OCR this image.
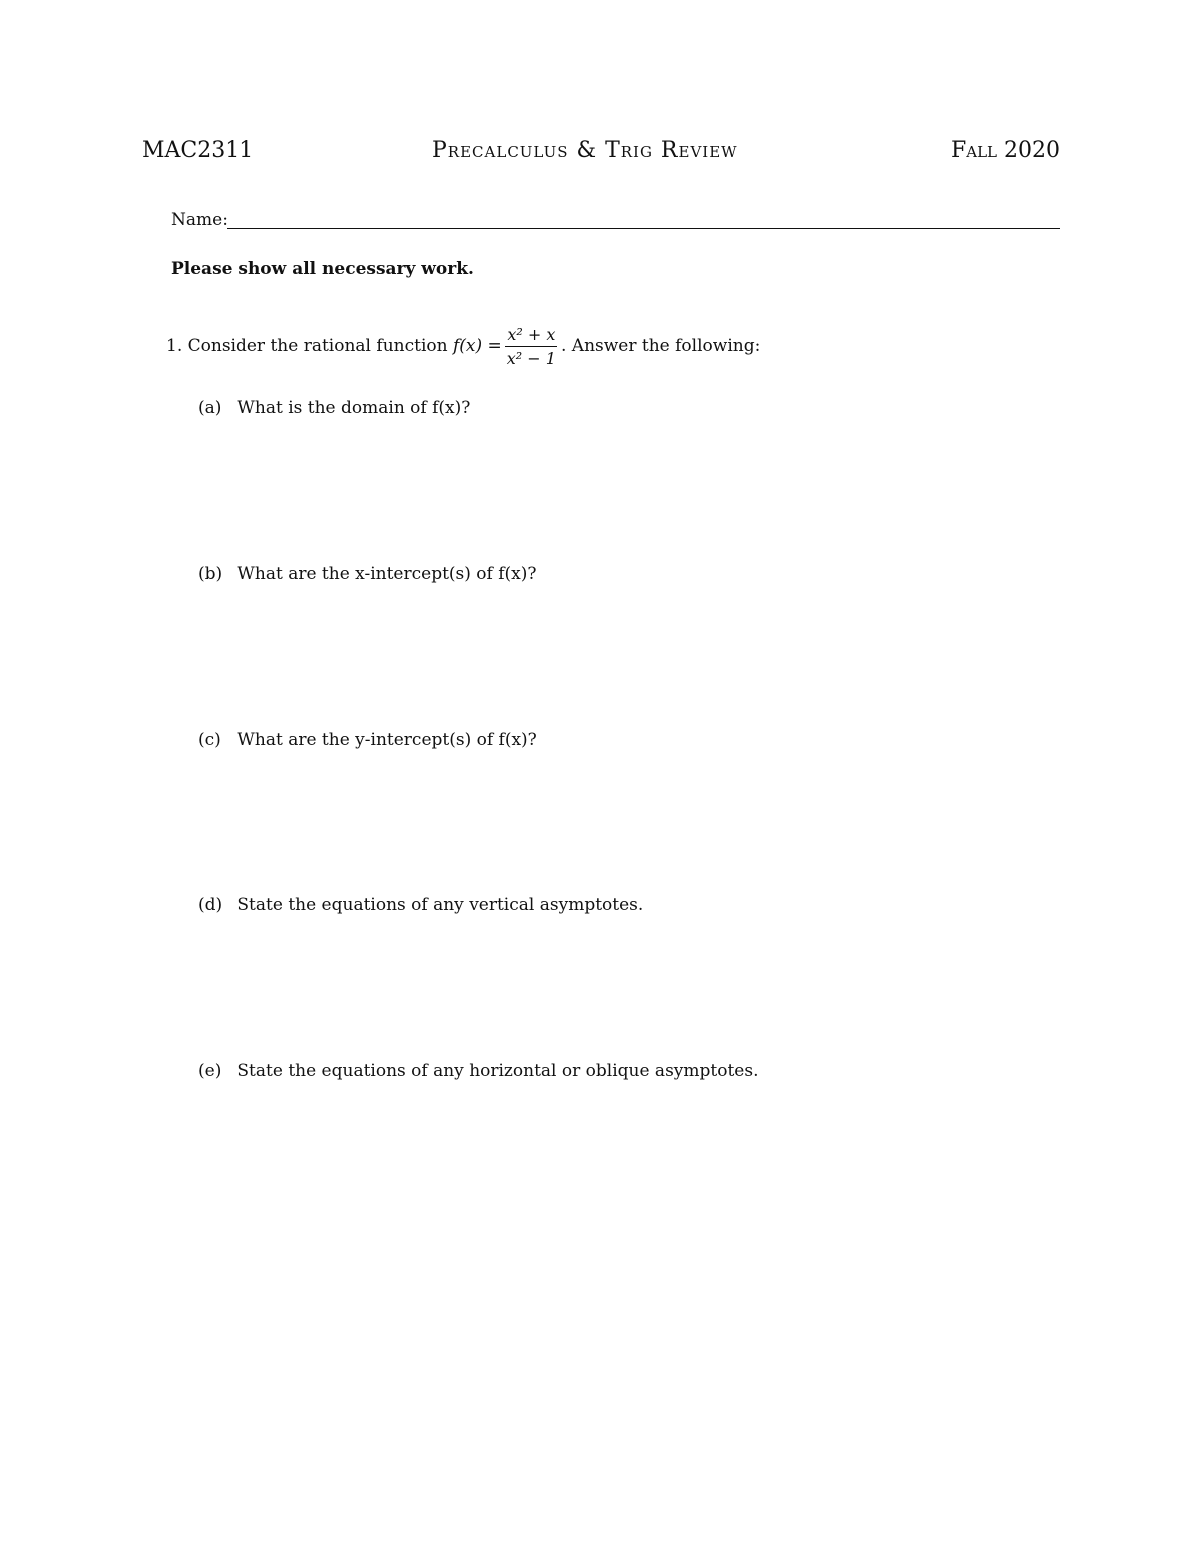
MAC2311	Precalculus & Trig Review	Fall 2020
Name:
Please show all necessary work.
1.
Consider the rational function
$f(x) = \frac{\text{x² + x}}{\text{x² − 1}}$ . Answer the following:
(a) What is the domain of f(x)?
(b) What are the x-intercept(s) of f(x)?
(c) What are the y-intercept(s) of f(x)?
(d) State the equations of any vertical asymptotes.
(e) State the equations of any horizontal or oblique asymptotes.
